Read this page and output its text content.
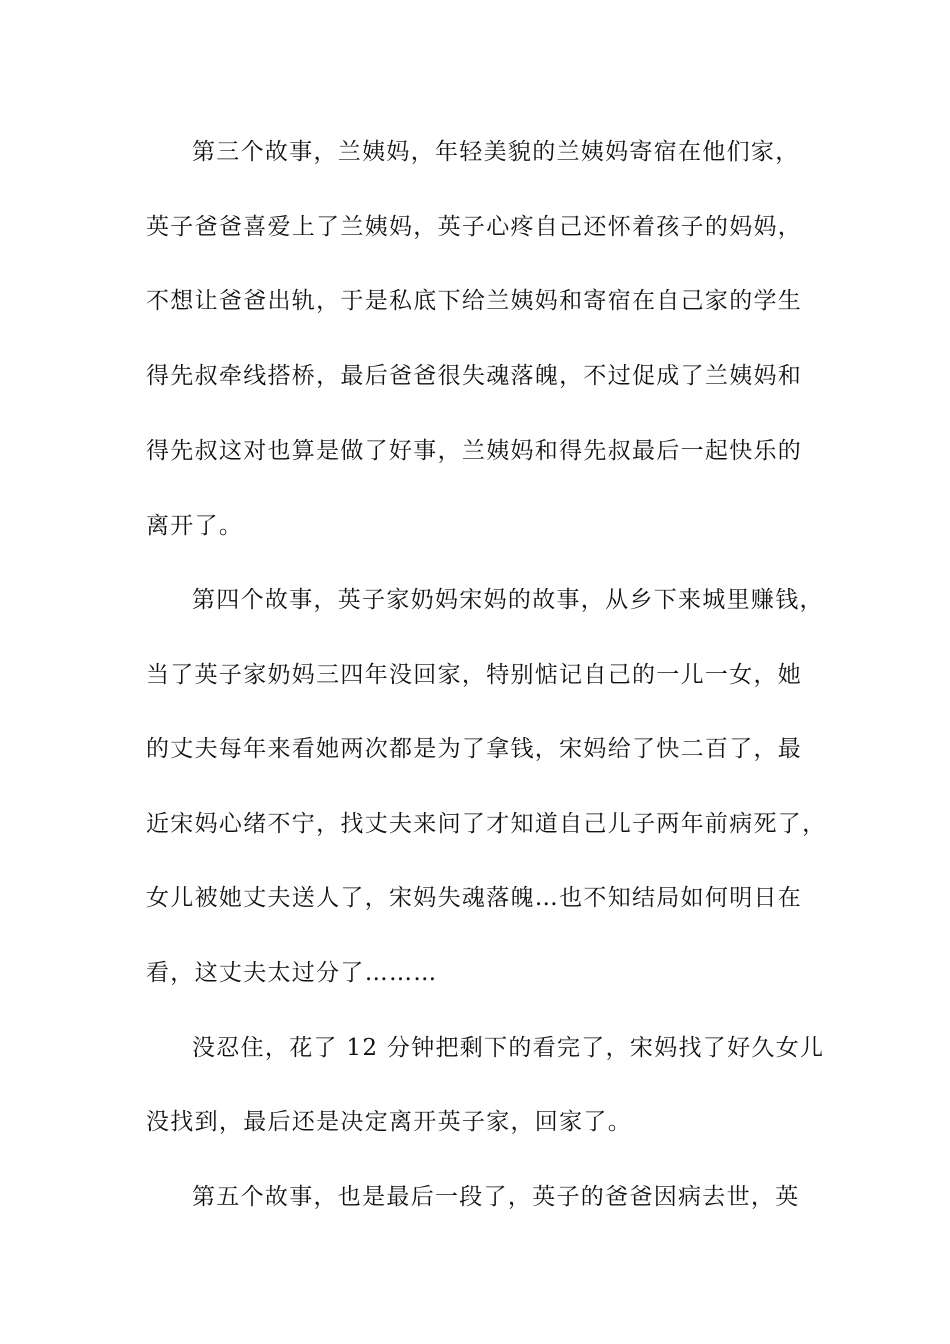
第三个故事，兰姨妈，年轻美貌的兰姨妈寄宿在他们家，
英子爸爸喜爱上了兰姨妈，英子心疼自己还怀着孩子的妈妈，
不想让爸爸出轨，于是私底下给兰姨妈和寄宿在自己家的学生
得先叔牵线搭桥，最后爸爸很失魂落魄，不过促成了兰姨妈和
得先叔这对也算是做了好事，兰姨妈和得先叔最后一起快乐的
离开了。
第四个故事，英子家奶妈宋妈的故事，从乡下来城里赚钱，
当了英子家奶妈三四年没回家，特别惦记自己的一儿一女，她
的丈夫每年来看她两次都是为了拿钱，宋妈给了快二百了，最
近宋妈心绪不宁，找丈夫来问了才知道自己儿子两年前病死了，
女儿被她丈夫送人了，宋妈失魂落魄…也不知结局如何明日在
看，这丈夫太过分了………
没忍住，花了 12 分钟把剩下的看完了，宋妈找了好久女儿
没找到，最后还是决定离开英子家，回家了。
第五个故事，也是最后一段了，英子的爸爸因病去世，英
